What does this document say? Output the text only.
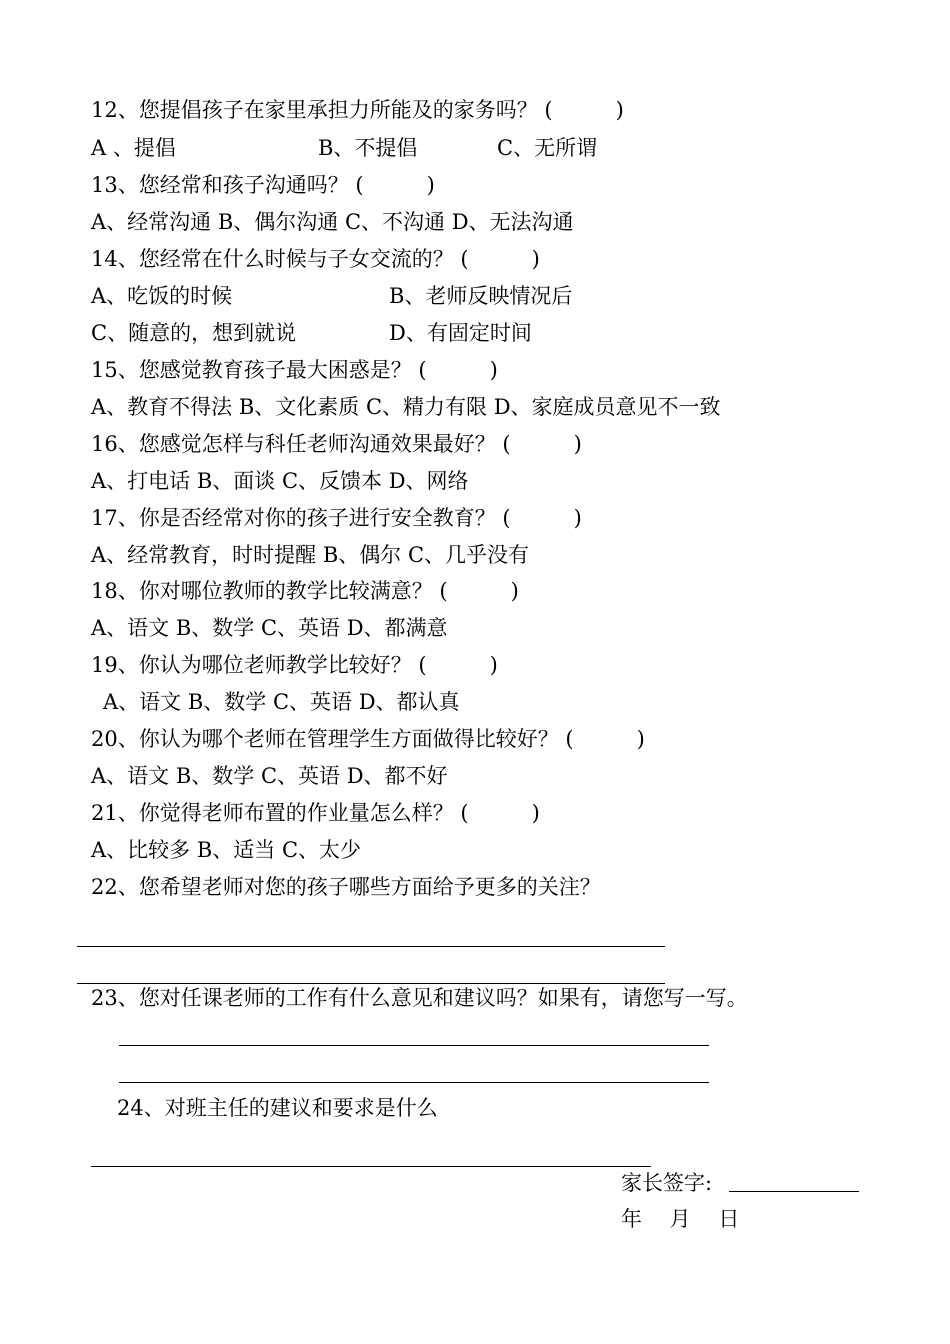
12、您提倡孩子在家里承担力所能及的家务吗？ (　　　)
A 、提倡	B、不提倡	C、无所谓
13、您经常和孩子沟通吗？ (　　　)
A、经常沟通 B、偶尔沟通 C、不沟通 D、无法沟通
14、您经常在什么时候与子女交流的？ (　　　)
A、吃饭的时候	B、老师反映情况后
C、随意的，想到就说	D、有固定时间
15、您感觉教育孩子最大困惑是？ (　　　)
A、教育不得法 B、文化素质 C、精力有限 D、家庭成员意见不一致
16、您感觉怎样与科任老师沟通效果最好？ (　　　)
A、打电话 B、面谈 C、反馈本 D、网络
17、你是否经常对你的孩子进行安全教育？ (　　　)
A、经常教育，时时提醒 B、偶尔 C、几乎没有
18、你对哪位教师的教学比较满意？ (　　　)
A、语文 B、数学 C、英语 D、都满意
19、你认为哪位老师教学比较好？ (　　　)
A、语文 B、数学 C、英语 D、都认真
20、你认为哪个老师在管理学生方面做得比较好？ (　　　)
A、语文 B、数学 C、英语 D、都不好
21、你觉得老师布置的作业量怎么样？ (　　　)
A、比较多 B、适当 C、太少
22、您希望老师对您的孩子哪些方面给予更多的关注？
23、您对任课老师的工作有什么意见和建议吗？如果有，请您写一写。
24、对班主任的建议和要求是什么
家长签字:
年　 月　 日
